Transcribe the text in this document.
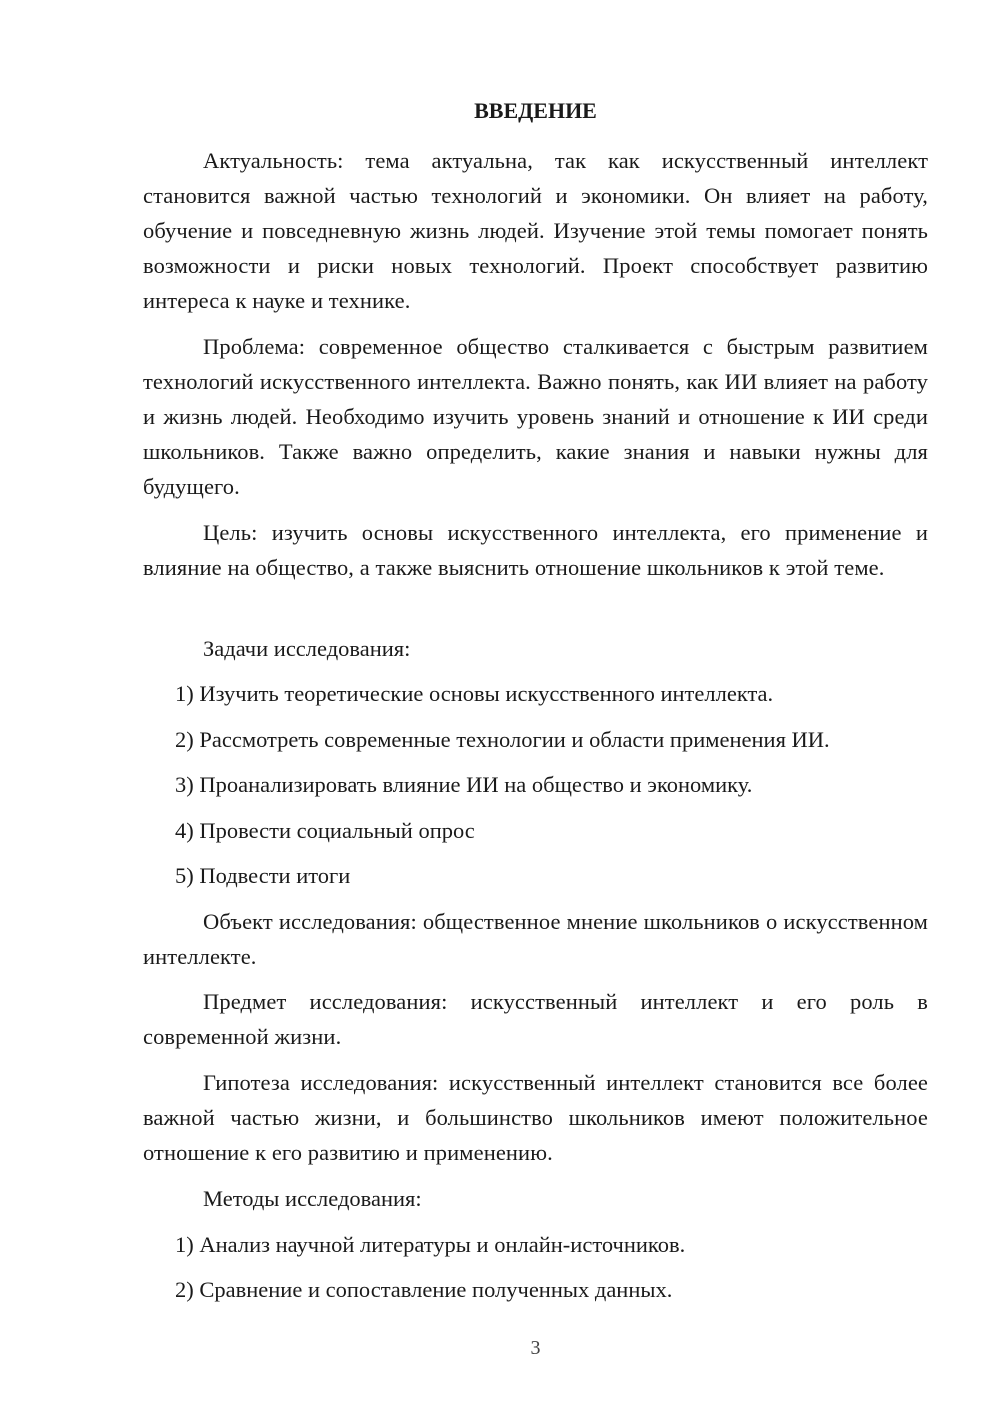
ВВЕДЕНИЕ

Актуальность: тема актуальна, так как искусственный интеллект становится важной частью технологий и экономики. Он влияет на работу, обучение и повседневную жизнь людей. Изучение этой темы помогает понять возможности и риски новых технологий. Проект способствует развитию интереса к науке и технике.

Проблема: современное общество сталкивается с быстрым развитием технологий искусственного интеллекта. Важно понять, как ИИ влияет на работу и жизнь людей. Необходимо изучить уровень знаний и отношение к ИИ среди школьников. Также важно определить, какие знания и навыки нужны для будущего.

Цель: изучить основы искусственного интеллекта, его применение и влияние на общество, а также выяснить отношение школьников к этой теме.

Задачи исследования:

1) Изучить теоретические основы искусственного интеллекта.

2) Рассмотреть современные технологии и области применения ИИ.

3) Проанализировать влияние ИИ на общество и экономику.

4) Провести социальный опрос

5) Подвести итоги

Объект исследования: общественное мнение школьников о искусственном интеллекте.

Предмет исследования: искусственный интеллект и его роль в современной жизни.

Гипотеза исследования: искусственный интеллект становится все более важной частью жизни, и большинство школьников имеют положительное отношение к его развитию и применению.

Методы исследования:

1) Анализ научной литературы и онлайн-источников.

2) Сравнение и сопоставление полученных данных.

3
